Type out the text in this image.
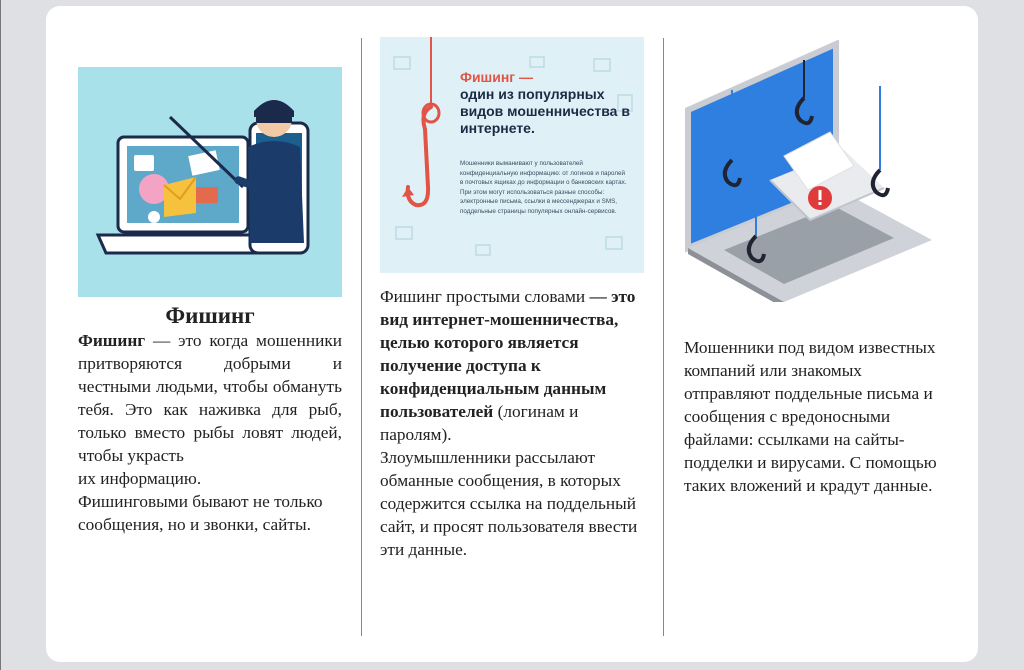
Фишинг

Фишинг — это когда мошенники притворяются добрыми и честными людьми, чтобы обмануть тебя. Это как наживка для рыб, только вместо рыбы ловят людей, чтобы украсть

их информацию.

Фишинговыми бывают не только сообщения, но и звонки, сайты.

Фишинг —
один из популярных видов мошенничества в интернете.
Мошенники выманивают у пользователей конфиденциальную информацию: от логинов и паролей в почтовых ящиках до информации о банковских картах. При этом могут использоваться разные способы: электронные письма, ссылки в мессенджерах и SMS, поддельные страницы популярных онлайн-сервисов.

Фишинг простыми словами — это вид интернет-мошенничества, целью которого является получение доступа к конфиденциальным данным пользователей (логинам и паролям).

Злоумышленники рассылают обманные сообщения, в которых содержится ссылка на поддельный сайт, и просят пользователя ввести эти данные.

Мошенники под видом известных компаний или знакомых отправляют поддельные письма и сообщения с вредоносными файлами: ссылками на сайты-подделки и вирусами. С помощью таких вложений и крадут данные.
